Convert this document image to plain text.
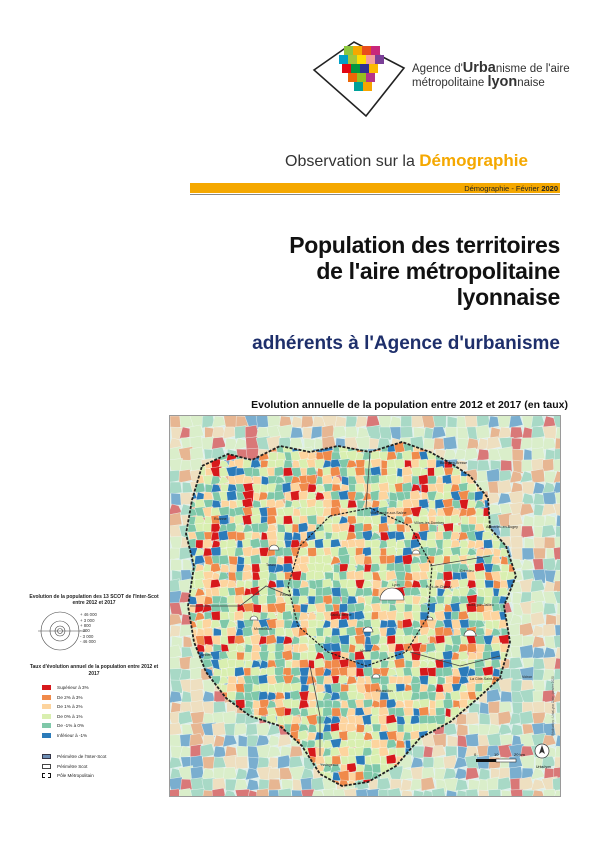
Agence d'Urbanisme de l'aire
métropolitaine lyonnaise
Observation sur la Démographie
Démographie - Février 2020
Population des territoires
de l'aire métropolitaine
lyonnaise
adhérents à l'Agence d'urbanisme
Evolution annuelle de la population entre 2012 et 2017 (en taux)
Bourg-en-Bresse
Villefranche-sur-Saône
Villars-les-Dombes
Ambérieu-en-Bugey
Lyon
Roanne
Tarare
Pont-de-Chéruy
Crémieu
Bourgoin-Jallieu
Feurs
Saint-Étienne
Montbrison
Vienne
Roussillon
La Côte-Saint-André
Ambert
Voiron
Yssingeaux
0	10	20 km
Urba lyon
Réalisation : UrbaLyon Date : janvier 2020
Evolution de la population des 13 SCOT de l'Inter-Scot entre 2012 et 2017
+ 46 000
+ 3 000
+ 800
- 300
- 3 000
- 46 000
Taux d'évolution annuel de la population entre 2012 et 2017
Supérieur à 3%
De 2% à 3%
De 1% à 2%
De 0% à 1%
De -1% à 0%
Inférieur à -1%
Périmètre de l'Inter-Scot
Périmètre Scot
Pôle Métropolitain
